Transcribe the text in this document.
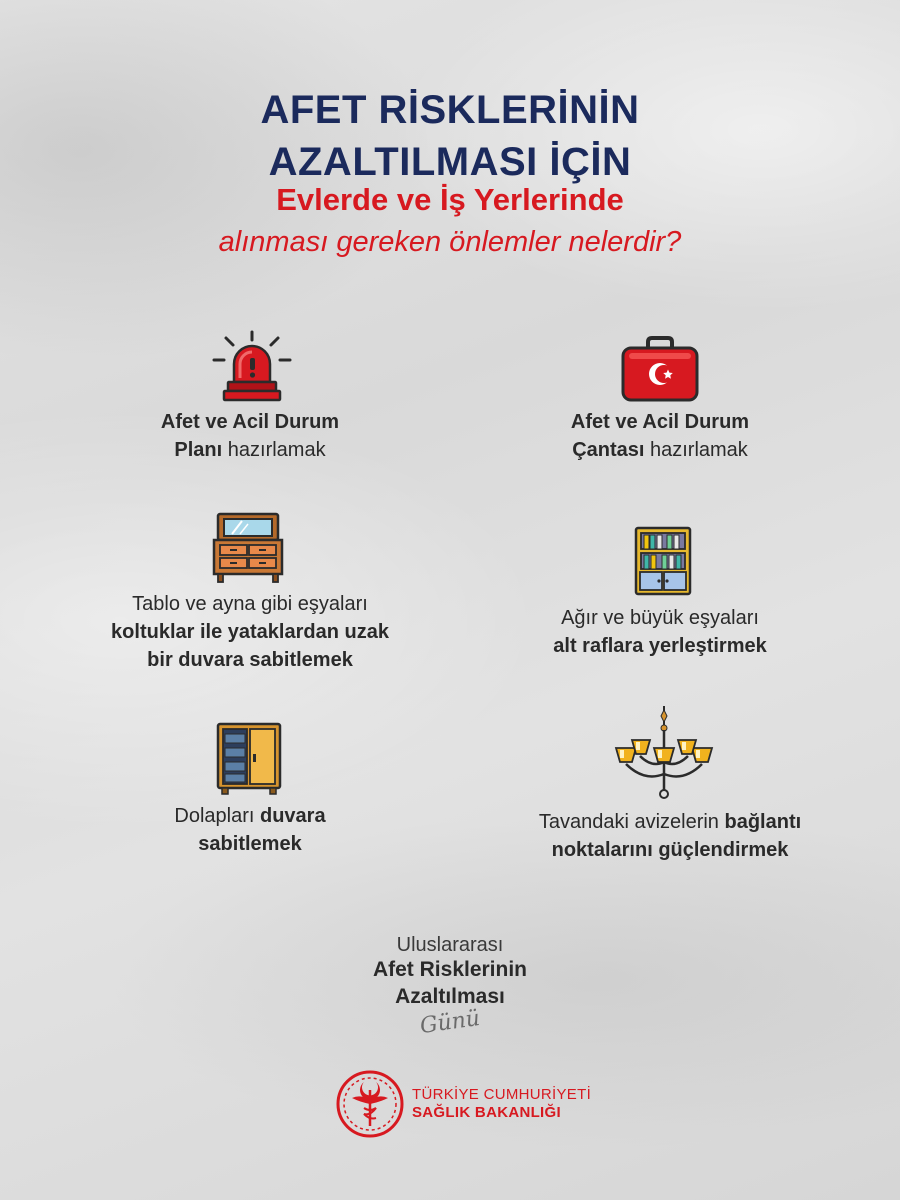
AFET RİSKLERİNİN
AZALTILMASI İÇİN
Evlerde ve İş Yerlerinde
alınması gereken önlemler nelerdir?
Afet ve Acil Durum
Planı hazırlamak
Afet ve Acil Durum
Çantası hazırlamak
Tablo ve ayna gibi eşyaları
koltuklar ile yataklardan uzak
bir duvara sabitlemek
Ağır ve büyük eşyaları
alt raflara yerleştirmek
Dolapları duvara
sabitlemek
Tavandaki avizelerin bağlantı
noktalarını güçlendirmek
Uluslararası
Afet Risklerinin
Azaltılması
Günü
TÜRKİYE CUMHURİYETİ
SAĞLIK BAKANLIĞI
